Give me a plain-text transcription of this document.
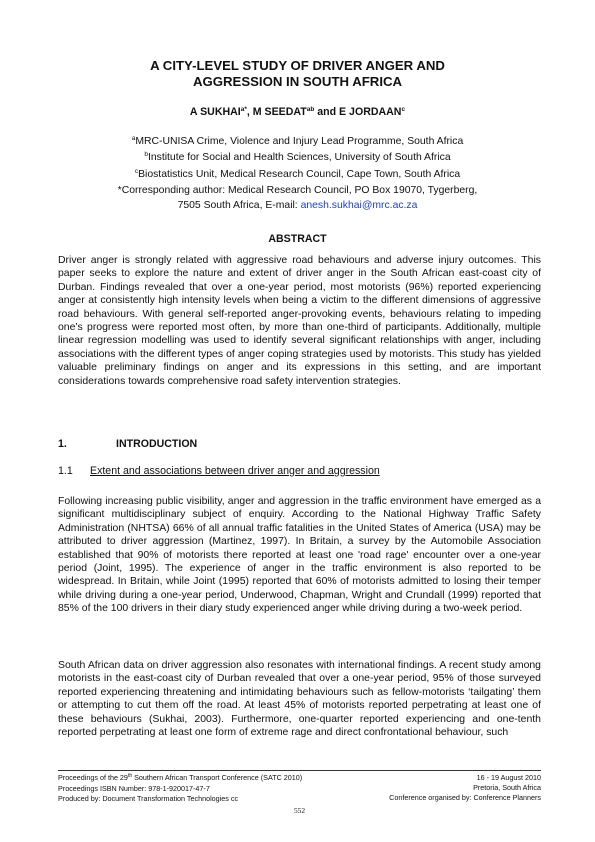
A CITY-LEVEL STUDY OF DRIVER ANGER AND
AGGRESSION IN SOUTH AFRICA
A $SUKHAI^{a*}$, M $SEEDAT^{ab}$ and E JORDAAN$^c$
$^a$MRC-UNISA Crime, Violence and Injury Lead Programme, South Africa
$^b$Institute for Social and Health Sciences, University of South Africa
$^c$Biostatistics Unit, Medical Research Council, Cape Town, South Africa
*Corresponding author: Medical Research Council, PO Box 19070, Tygerberg,
7505 South Africa, E-mail: anesh.sukhai@mrc.ac.za
ABSTRACT

Driver anger is strongly related with aggressive road behaviours and adverse injury outcomes. This paper seeks to explore the nature and extent of driver anger in the South African east-coast city of Durban. Findings revealed that over a one-year period, most motorists (96%) reported experiencing anger at consistently high intensity levels when being a victim to the different dimensions of aggressive road behaviours. With general self-reported anger-provoking events, behaviours relating to impeding one’s progress were reported most often, by more than one-third of participants. Additionally, multiple linear regression modelling was used to identify several significant relationships with anger, including associations with the different types of anger coping strategies used by motorists. This study has yielded valuable preliminary findings on anger and its expressions in this setting, and are important considerations towards comprehensive road safety intervention strategies.

1.	INTRODUCTION
1.1 Extent and associations between driver anger and aggression

Following increasing public visibility, anger and aggression in the traffic environment have emerged as a significant multidisciplinary subject of enquiry. According to the National Highway Traffic Safety Administration (NHTSA) 66% of all annual traffic fatalities in the United States of America (USA) may be attributed to driver aggression (Martinez, 1997). In Britain, a survey by the Automobile Association established that 90% of motorists there reported at least one 'road rage' encounter over a one-year period (Joint, 1995). The experience of anger in the traffic environment is also reported to be widespread. In Britain, while Joint (1995) reported that 60% of motorists admitted to losing their temper while driving during a one-year period, Underwood, Chapman, Wright and Crundall (1999) reported that 85% of the 100 drivers in their diary study experienced anger while driving during a two-week period.

South African data on driver aggression also resonates with international findings. A recent study among motorists in the east-coast city of Durban revealed that over a one-year period, 95% of those surveyed reported experiencing threatening and intimidating behaviours such as fellow-motorists ‘tailgating’ them or attempting to cut them off the road. At least 45% of motorists reported perpetrating at least one of these behaviours (Sukhai, 2003). Furthermore, one-quarter reported experiencing and one-tenth reported perpetrating at least one form of extreme rage and direct confrontational behaviour, such

Proceedings of the 29th Southern African Transport Conference (SATC 2010)
Proceedings ISBN Number: 978-1-920017-47-7
Produced by: Document Transformation Technologies cc
16 - 19 August 2010
Pretoria, South Africa
Conference organised by: Conference Planners
552
